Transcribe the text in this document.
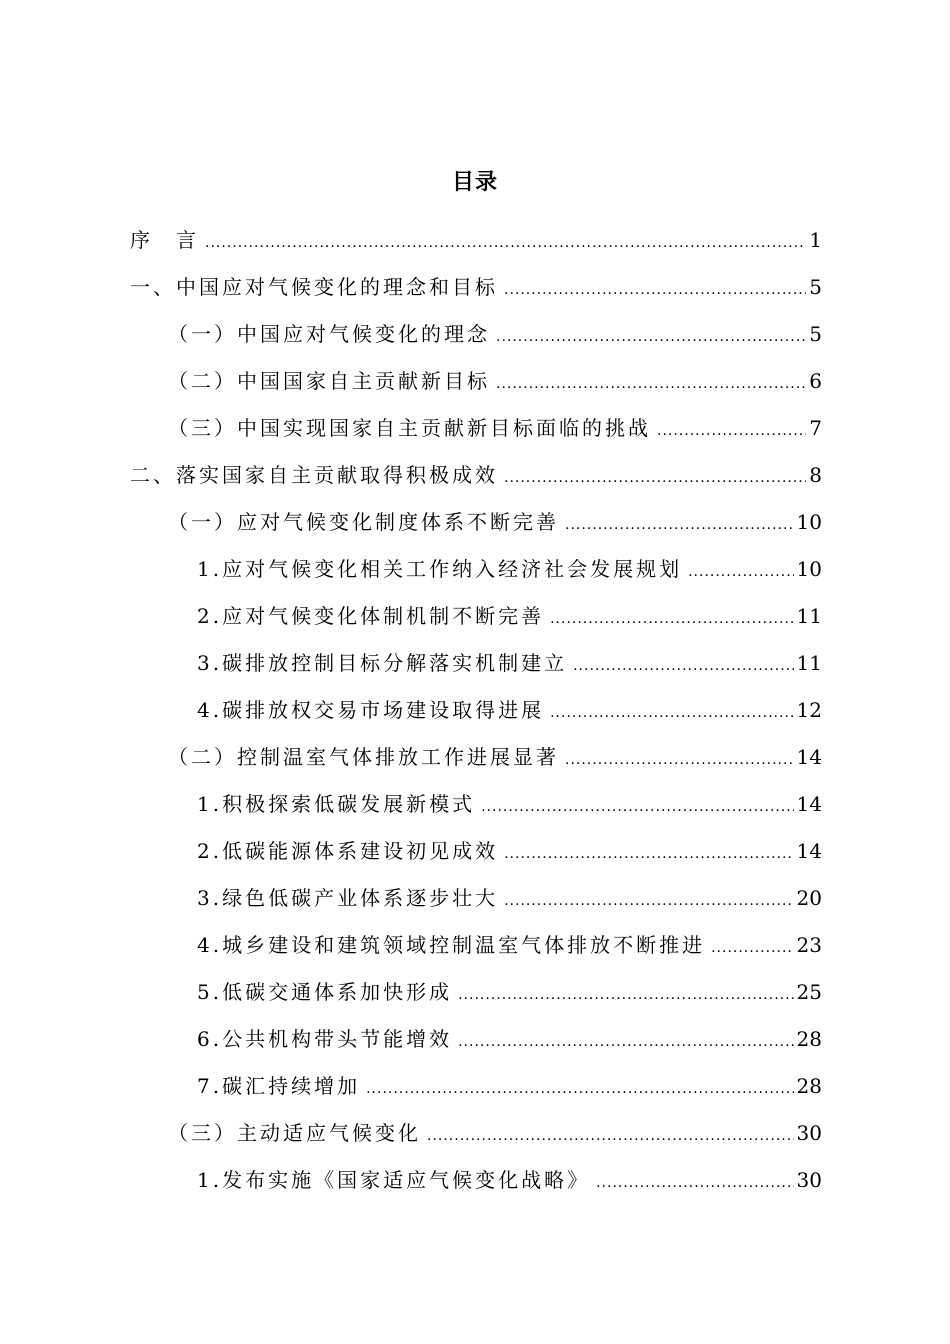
目录
序　言 .....	1
一、中国应对气候变化的理念和目标 .....	5
（一）中国应对气候变化的理念 .....	5
（二）中国国家自主贡献新目标 .....	6
（三）中国实现国家自主贡献新目标面临的挑战 .....	7
二、落实国家自主贡献取得积极成效 .....	8
（一）应对气候变化制度体系不断完善 .....	10
1.应对气候变化相关工作纳入经济社会发展规划 .....	10
2.应对气候变化体制机制不断完善 .....	11
3.碳排放控制目标分解落实机制建立 .....	11
4.碳排放权交易市场建设取得进展 .....	12
（二）控制温室气体排放工作进展显著 .....	14
1.积极探索低碳发展新模式 .....	14
2.低碳能源体系建设初见成效 .....	14
3.绿色低碳产业体系逐步壮大 .....	20
4.城乡建设和建筑领域控制温室气体排放不断推进 .....	23
5.低碳交通体系加快形成 .....	25
6.公共机构带头节能增效 .....	28
7.碳汇持续增加 .....	28
（三）主动适应气候变化 .....	30
1.发布实施《国家适应气候变化战略》 .....	30
